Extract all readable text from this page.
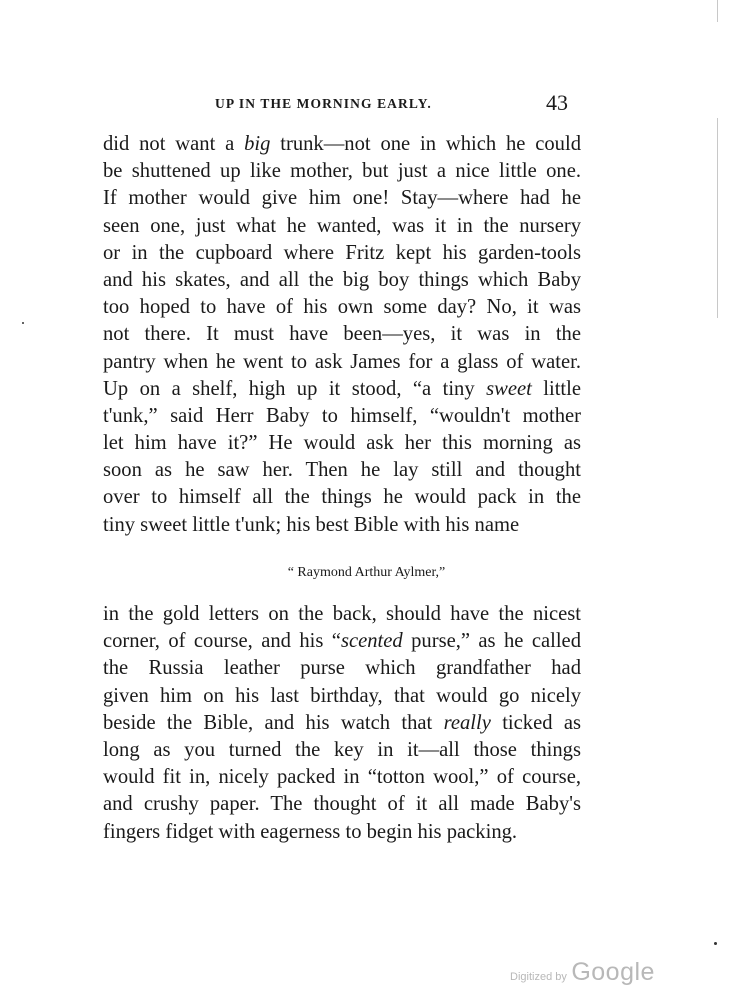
UP IN THE MORNING EARLY.	43
did not want a big trunk—not one in which he could
be shuttened up like mother, but just a nice little one.
If mother would give him one! Stay—where had he
seen one, just what he wanted, was it in the nursery
or in the cupboard where Fritz kept his garden-tools
and his skates, and all the big boy things which Baby
too hoped to have of his own some day? No, it was
not there. It must have been—yes, it was in the
pantry when he went to ask James for a glass of water.
Up on a shelf, high up it stood, “a tiny sweet little
t'unk,” said Herr Baby to himself, “wouldn't mother
let him have it?” He would ask her this morning as
soon as he saw her. Then he lay still and thought
over to himself all the things he would pack in the
tiny sweet little t'unk; his best Bible with his name
“ Raymond Arthur Aylmer,”
in the gold letters on the back, should have the nicest
corner, of course, and his “scented purse,” as he called
the Russia leather purse which grandfather had
given him on his last birthday, that would go nicely
beside the Bible, and his watch that really ticked as
long as you turned the key in it—all those things
would fit in, nicely packed in “totton wool,” of course,
and crushy paper. The thought of it all made Baby's
fingers fidget with eagerness to begin his packing.
Digitized by Google
